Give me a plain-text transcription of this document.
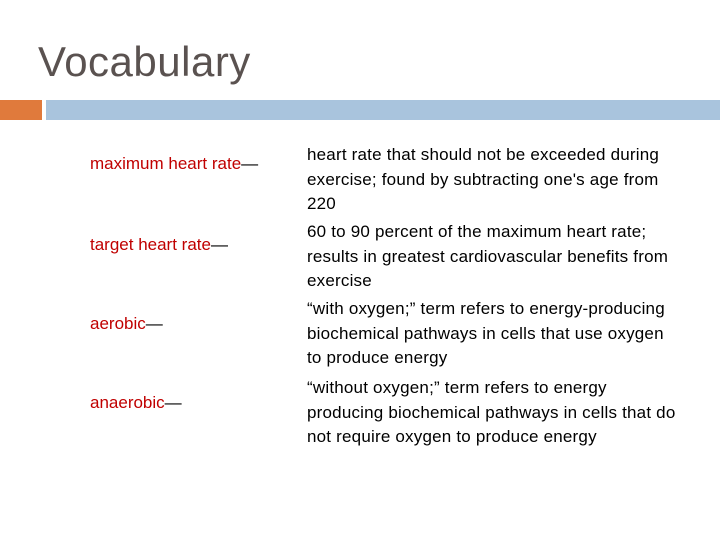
Vocabulary
maximum heart rate—	heart rate that should not be exceeded during exercise; found by subtracting one's age from 220
target heart rate—
60 to 90 percent of the maximum heart rate; results in greatest cardiovascular benefits from exercise
aerobic—
“with oxygen;” term refers to energy-producing biochemical pathways in cells that use oxygen to produce energy
anaerobic—
“without oxygen;” term refers to energy producing biochemical pathways in cells that do not require oxygen to produce energy
